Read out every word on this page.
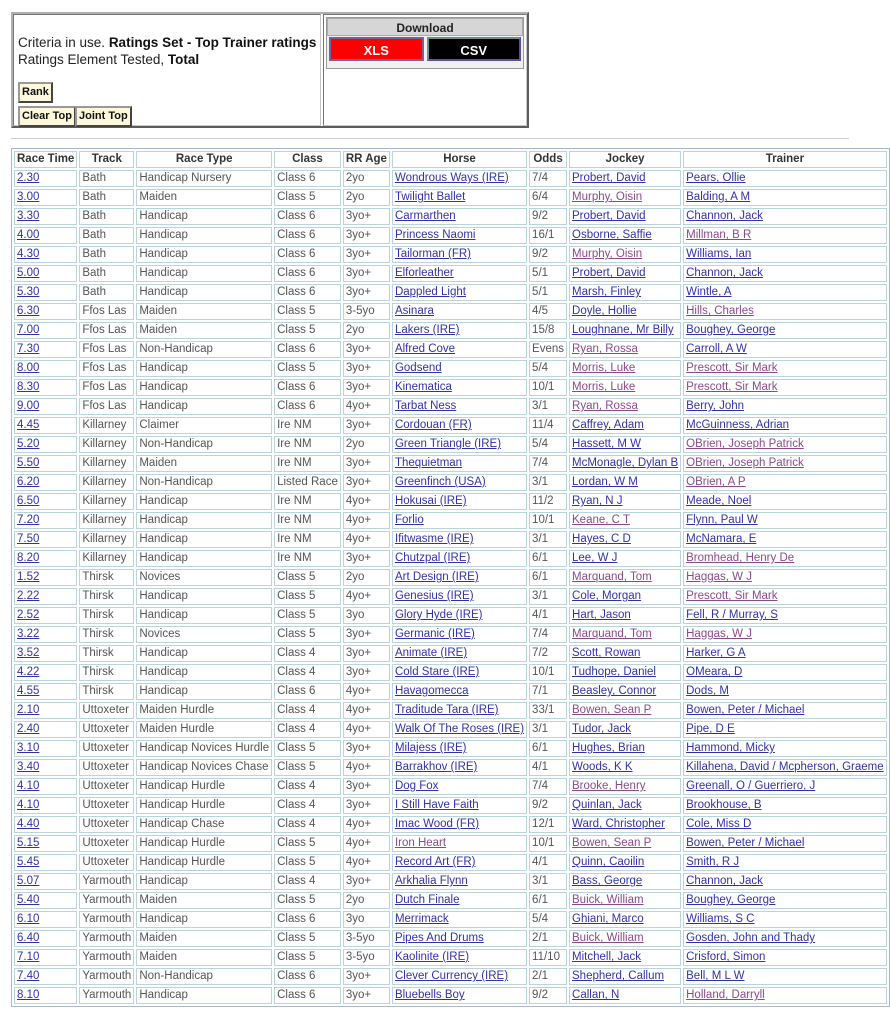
Criteria in use. Ratings Set - Top Trainer ratings
Ratings Element Tested, Total
Rank
Clear Top Joint Top
Download
XLS	CSV
Race Time	Track	Race Type	Class	RR Age	Horse	Odds	Jockey	Trainer
2.30	Bath	Handicap Nursery	Class 6	2yo	Wondrous Ways (IRE)	7/4	Probert, David	Pears, Ollie
3.00	Bath	Maiden	Class 5	2yo	Twilight Ballet	6/4	Murphy, Oisin	Balding, A M
3.30	Bath	Handicap	Class 6	3yo+	Carmarthen	9/2	Probert, David	Channon, Jack
4.00	Bath	Handicap	Class 6	3yo+	Princess Naomi	16/1	Osborne, Saffie	Millman, B R
4.30	Bath	Handicap	Class 6	3yo+	Tailorman (FR)	9/2	Murphy, Oisin	Williams, Ian
5.00	Bath	Handicap	Class 6	3yo+	Elforleather	5/1	Probert, David	Channon, Jack
5.30	Bath	Handicap	Class 6	3yo+	Dappled Light	5/1	Marsh, Finley	Wintle, A
6.30	Ffos Las	Maiden	Class 5	3-5yo	Asinara	4/5	Doyle, Hollie	Hills, Charles
7.00	Ffos Las	Maiden	Class 5	2yo	Lakers (IRE)	15/8	Loughnane, Mr Billy	Boughey, George
7.30	Ffos Las	Non-Handicap	Class 6	3yo+	Alfred Cove	Evens	Ryan, Rossa	Carroll, A W
8.00	Ffos Las	Handicap	Class 5	3yo+	Godsend	5/4	Morris, Luke	Prescott, Sir Mark
8.30	Ffos Las	Handicap	Class 6	3yo+	Kinematica	10/1	Morris, Luke	Prescott, Sir Mark
9.00	Ffos Las	Handicap	Class 6	4yo+	Tarbat Ness	3/1	Ryan, Rossa	Berry, John
4.45	Killarney	Claimer	Ire NM	3yo+	Cordouan (FR)	11/4	Caffrey, Adam	McGuinness, Adrian
5.20	Killarney	Non-Handicap	Ire NM	2yo	Green Triangle (IRE)	5/4	Hassett, M W	OBrien, Joseph Patrick
5.50	Killarney	Maiden	Ire NM	3yo+	Thequietman	7/4	McMonagle, Dylan B	OBrien, Joseph Patrick
6.20	Killarney	Non-Handicap	Listed Race	3yo+	Greenfinch (USA)	3/1	Lordan, W M	OBrien, A P
6.50	Killarney	Handicap	Ire NM	4yo+	Hokusai (IRE)	11/2	Ryan, N J	Meade, Noel
7.20	Killarney	Handicap	Ire NM	4yo+	Forlio	10/1	Keane, C T	Flynn, Paul W
7.50	Killarney	Handicap	Ire NM	4yo+	Ifitwasme (IRE)	3/1	Hayes, C D	McNamara, E
8.20	Killarney	Handicap	Ire NM	3yo+	Chutzpal (IRE)	6/1	Lee, W J	Bromhead, Henry De
1.52	Thirsk	Novices	Class 5	2yo	Art Design (IRE)	6/1	Marquand, Tom	Haggas, W J
2.22	Thirsk	Handicap	Class 5	4yo+	Genesius (IRE)	3/1	Cole, Morgan	Prescott, Sir Mark
2.52	Thirsk	Handicap	Class 5	3yo	Glory Hyde (IRE)	4/1	Hart, Jason	Fell, R / Murray, S
3.22	Thirsk	Novices	Class 5	3yo+	Germanic (IRE)	7/4	Marquand, Tom	Haggas, W J
3.52	Thirsk	Handicap	Class 4	3yo+	Animate (IRE)	7/2	Scott, Rowan	Harker, G A
4.22	Thirsk	Handicap	Class 4	3yo+	Cold Stare (IRE)	10/1	Tudhope, Daniel	OMeara, D
4.55	Thirsk	Handicap	Class 6	4yo+	Havagomecca	7/1	Beasley, Connor	Dods, M
2.10	Uttoxeter	Maiden Hurdle	Class 4	4yo+	Traditude Tara (IRE)	33/1	Bowen, Sean P	Bowen, Peter / Michael
2.40	Uttoxeter	Maiden Hurdle	Class 4	4yo+	Walk Of The Roses (IRE)	3/1	Tudor, Jack	Pipe, D E
3.10	Uttoxeter	Handicap Novices Hurdle	Class 5	3yo+	Milajess (IRE)	6/1	Hughes, Brian	Hammond, Micky
3.40	Uttoxeter	Handicap Novices Chase	Class 5	4yo+	Barrakhov (IRE)	4/1	Woods, K K	Killahena, David / Mcpherson, Graeme
4.10	Uttoxeter	Handicap Hurdle	Class 4	3yo+	Dog Fox	7/4	Brooke, Henry	Greenall, O / Guerriero, J
4.10	Uttoxeter	Handicap Hurdle	Class 4	3yo+	I Still Have Faith	9/2	Quinlan, Jack	Brookhouse, B
4.40	Uttoxeter	Handicap Chase	Class 4	4yo+	Imac Wood (FR)	12/1	Ward, Christopher	Cole, Miss D
5.15	Uttoxeter	Handicap Hurdle	Class 5	4yo+	Iron Heart	10/1	Bowen, Sean P	Bowen, Peter / Michael
5.45	Uttoxeter	Handicap Hurdle	Class 5	4yo+	Record Art (FR)	4/1	Quinn, Caoilin	Smith, R J
5.07	Yarmouth	Handicap	Class 4	3yo+	Arkhalia Flynn	3/1	Bass, George	Channon, Jack
5.40	Yarmouth	Maiden	Class 5	2yo	Dutch Finale	6/1	Buick, William	Boughey, George
6.10	Yarmouth	Handicap	Class 6	3yo	Merrimack	5/4	Ghiani, Marco	Williams, S C
6.40	Yarmouth	Maiden	Class 5	3-5yo	Pipes And Drums	2/1	Buick, William	Gosden, John and Thady
7.10	Yarmouth	Maiden	Class 5	3-5yo	Kaolinite (IRE)	11/10	Mitchell, Jack	Crisford, Simon
7.40	Yarmouth	Non-Handicap	Class 6	3yo+	Clever Currency (IRE)	2/1	Shepherd, Callum	Bell, M L W
8.10	Yarmouth	Handicap	Class 6	3yo+	Bluebells Boy	9/2	Callan, N	Holland, Darryll
